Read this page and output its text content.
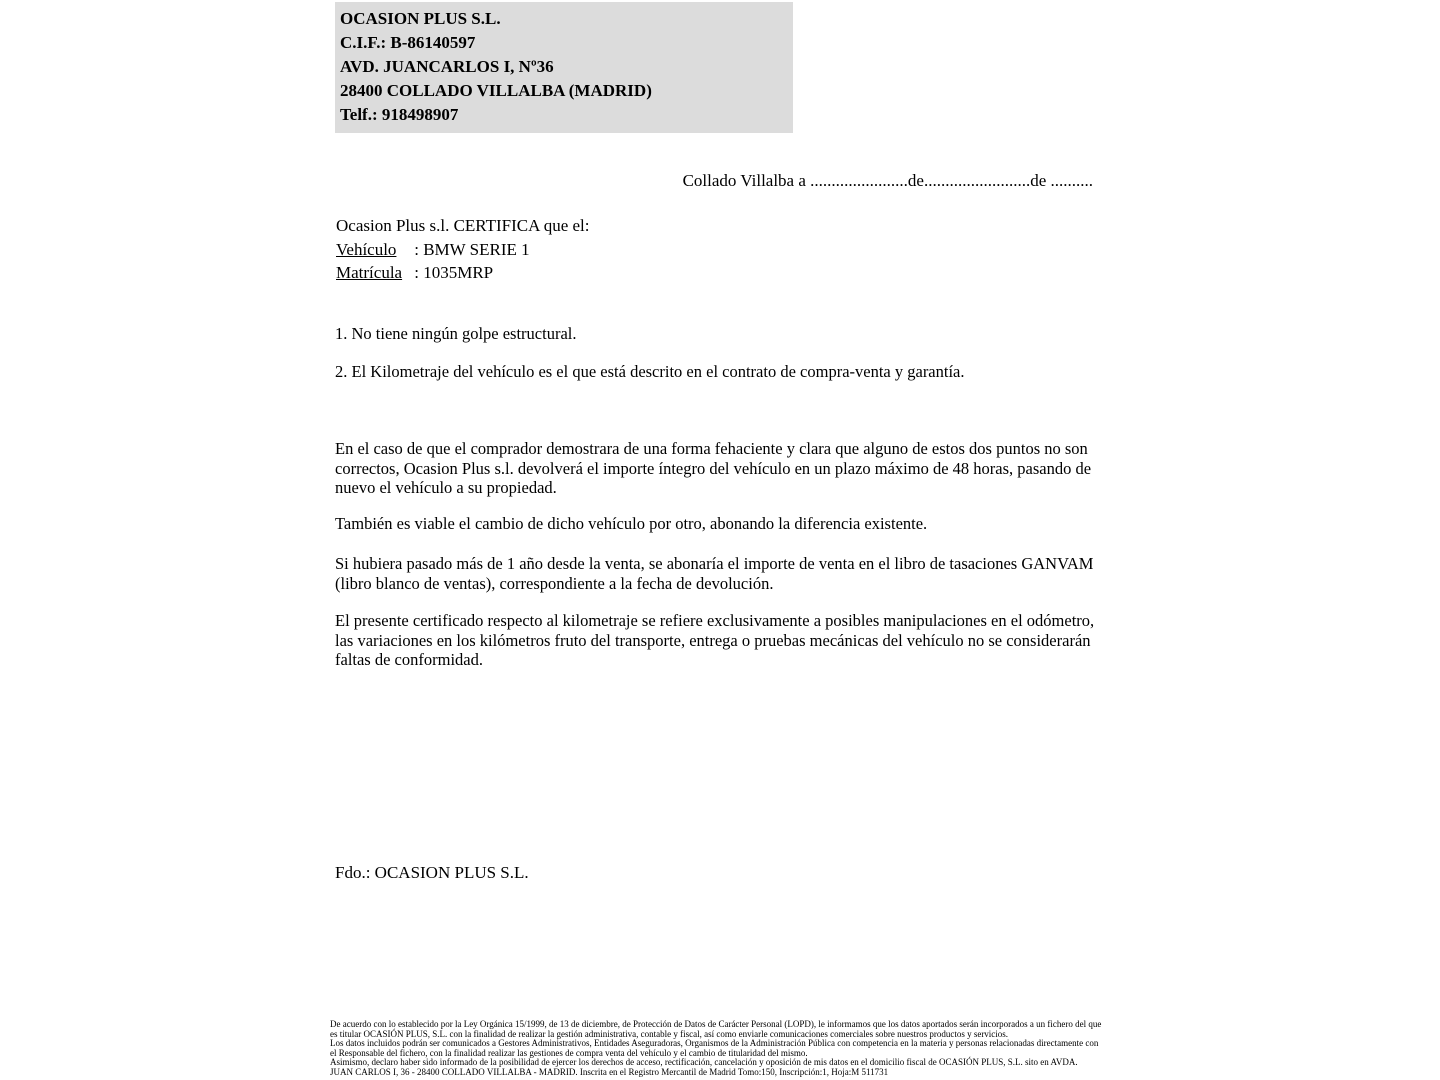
OCASION PLUS S.L.
C.I.F.: B-86140597
AVD. JUANCARLOS I, Nº36
28400 COLLADO VILLALBA (MADRID)
Telf.: 918498907
Collado Villalba a .......................de.........................de ..........
Ocasion Plus s.l. CERTIFICA que el:
Vehículo : BMW SERIE 1
Matrícula : 1035MRP
1. No tiene ningún golpe estructural.
2. El Kilometraje del vehículo es el que está descrito en el contrato de compra-venta y garantía.
En el caso de que el comprador demostrara de una forma fehaciente y clara que alguno de estos dos puntos no son correctos, Ocasion Plus s.l. devolverá el importe íntegro del vehículo en un plazo máximo de 48 horas, pasando de nuevo el vehículo a su propiedad.
También es viable el cambio de dicho vehículo por otro, abonando la diferencia existente.
Si hubiera pasado más de 1 año desde la venta, se abonaría el importe de venta en el libro de tasaciones GANVAM (libro blanco de ventas), correspondiente a la fecha de devolución.
El presente certificado respecto al kilometraje se refiere exclusivamente a posibles manipulaciones en el odómetro, las variaciones en los kilómetros fruto del transporte, entrega o pruebas mecánicas del vehículo no se considerarán faltas de conformidad.
Fdo.: OCASION PLUS S.L.

De acuerdo con lo establecido por la Ley Orgánica 15/1999, de 13 de diciembre, de Protección de Datos de Carácter Personal (LOPD), le informamos que los datos aportados serán incorporados a un fichero del que es titular OCASIÓN PLUS, S.L. con la finalidad de realizar la gestión administrativa, contable y fiscal, así como enviarle comunicaciones comerciales sobre nuestros productos y servicios.

Los datos incluidos podrán ser comunicados a Gestores Administrativos, Entidades Aseguradoras, Organismos de la Administración Pública con competencia en la materia y personas relacionadas directamente con el Responsable del fichero, con la finalidad realizar las gestiones de compra venta del vehículo y el cambio de titularidad del mismo.

Asimismo, declaro haber sido informado de la posibilidad de ejercer los derechos de acceso, rectificación, cancelación y oposición de mis datos en el domicilio fiscal de OCASIÓN PLUS, S.L. sito en AVDA. JUAN CARLOS I, 36 - 28400 COLLADO VILLALBA - MADRID. Inscrita en el Registro Mercantil de Madrid Tomo:150, Inscripción:1, Hoja:M 511731
